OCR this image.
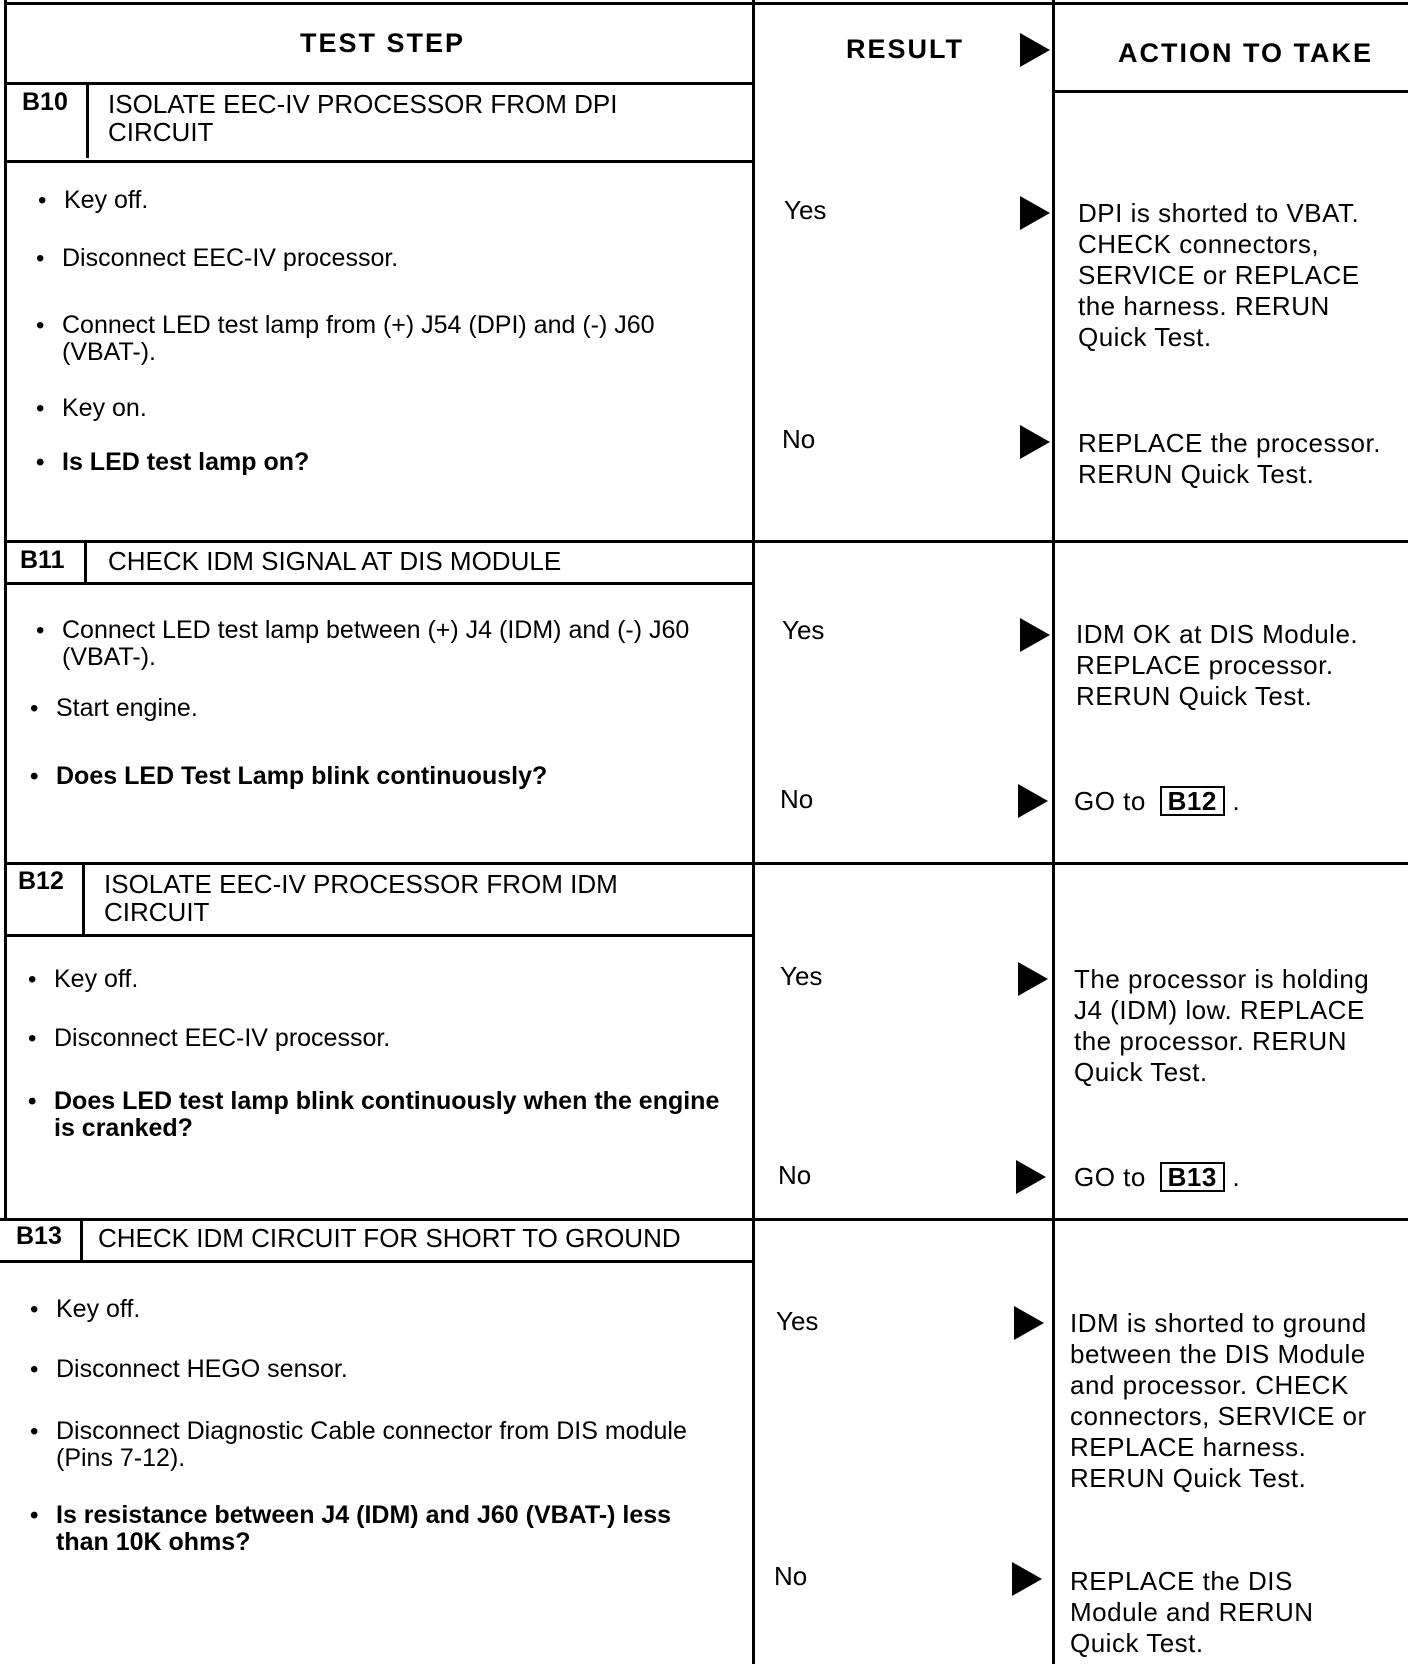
TEST STEP	RESULT	ACTION TO TAKE
B10 ISOLATE EEC-IV PROCESSOR FROM DPI CIRCUIT
• Key off.
• Disconnect EEC-IV processor.
• Connect LED test lamp from (+) J54 (DPI) and (-) J60 (VBAT-).
• Key on.
• Is LED test lamp on?
Yes	DPI is shorted to VBAT. CHECK connectors, SERVICE or REPLACE the harness. RERUN Quick Test.
No	REPLACE the processor. RERUN Quick Test.
B11 CHECK IDM SIGNAL AT DIS MODULE
• Connect LED test lamp between (+) J4 (IDM) and (-) J60 (VBAT-).
• Start engine.
• Does LED Test Lamp blink continuously?
Yes	IDM OK at DIS Module. REPLACE processor. RERUN Quick Test.
No	GO to B12 .
B12 ISOLATE EEC-IV PROCESSOR FROM IDM CIRCUIT
• Key off.
• Disconnect EEC-IV processor.
• Does LED test lamp blink continuously when the engine is cranked?
Yes	The processor is holding J4 (IDM) low. REPLACE the processor. RERUN Quick Test.
No	GO to B13 .
B13 CHECK IDM CIRCUIT FOR SHORT TO GROUND
• Key off.
• Disconnect HEGO sensor.
• Disconnect Diagnostic Cable connector from DIS module (Pins 7-12).
• Is resistance between J4 (IDM) and J60 (VBAT-) less than 10K ohms?
Yes	IDM is shorted to ground between the DIS Module and processor. CHECK connectors, SERVICE or REPLACE harness. RERUN Quick Test.
No	REPLACE the DIS Module and RERUN Quick Test.
